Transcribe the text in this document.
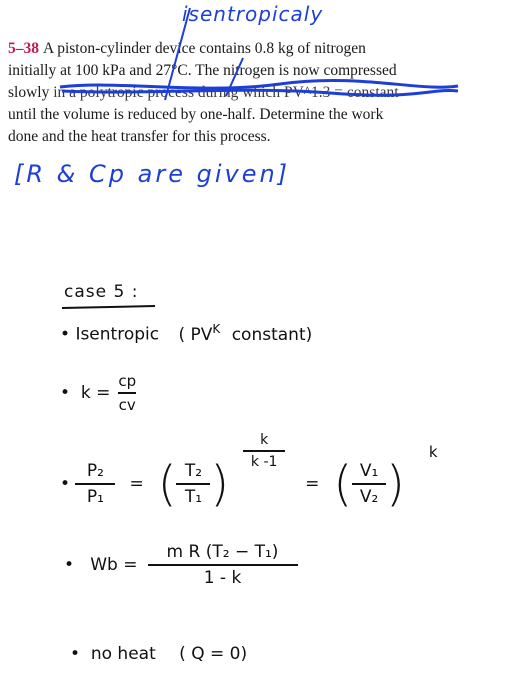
isentropicaly
5–38 A piston-cylinder device contains 0.8 kg of nitrogen
initially at 100 kPa and 27°C. The nitrogen is now compressed
slowly in a polytropic process during which PV^1.3 = constant
until the volume is reduced by one-half. Determine the work
done and the heat transfer for this process.
[R & Cp are given]
case 5 :
• Isentropic ( $PV^K$ constant)
• $k = \frac{cp}{cv}$
• $\frac{\text{P₂}}{\text{P₁}}$ = ( $\frac{\text{T₂}}{\text{T₁}}$ )
$\frac{k}{k -1}$
= ( $\frac{\text{V₁}}{\text{V₂}}$ )
k
• $Wb = \frac{\text{m R (T₂ − T₁)}}{1 - k}$
•  no heat ( Q = 0)
